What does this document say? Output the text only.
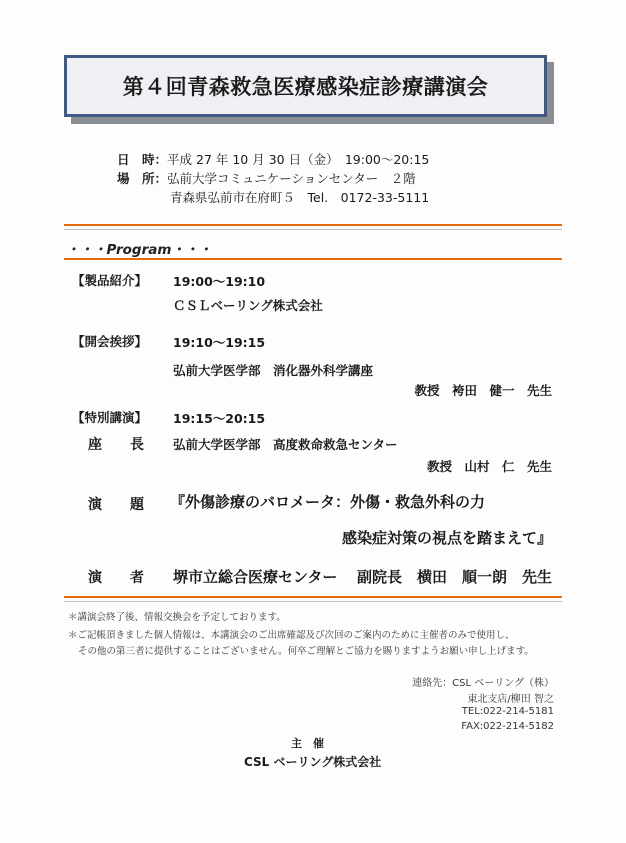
第４回青森救急医療感染症診療講演会
日　時：平成 27 年 10 月 30 日（金）　19:00～20:15
場　所：弘前大学コミュニケーションセンター　２階
青森県弘前市在府町５　Tel.　0172-33-5111
・・・Program・・・
【製品紹介】 19:00～19:10
ＣＳＬベーリング株式会社
【開会挨拶】 19:10～19:15
弘前大学医学部　消化器外科学講座
教授　袴田　健一　先生
【特別講演】 19:15～20:15
座　　長 弘前大学医学部　高度救命救急センター
教授　山村　仁　先生
演　　題 『外傷診療のバロメータ：外傷・救急外科の力
感染症対策の視点を踏まえて』
演　　者 堺市立総合医療センター 副院長　横田　順一朗　先生
＊講演会終了後、情報交換会を予定しております。
＊ご記帳頂きました個人情報は、本講演会のご出席確認及び次回のご案内のために主催者のみで使用し、
その他の第三者に提供することはございません。何卒ご理解とご協力を賜りますようお願い申し上げます。
連絡先：CSL ベーリング（株）
東北支店/柳田 智之
TEL:022-214-5181
FAX:022-214-5182
主　催
CSL ベーリング株式会社
